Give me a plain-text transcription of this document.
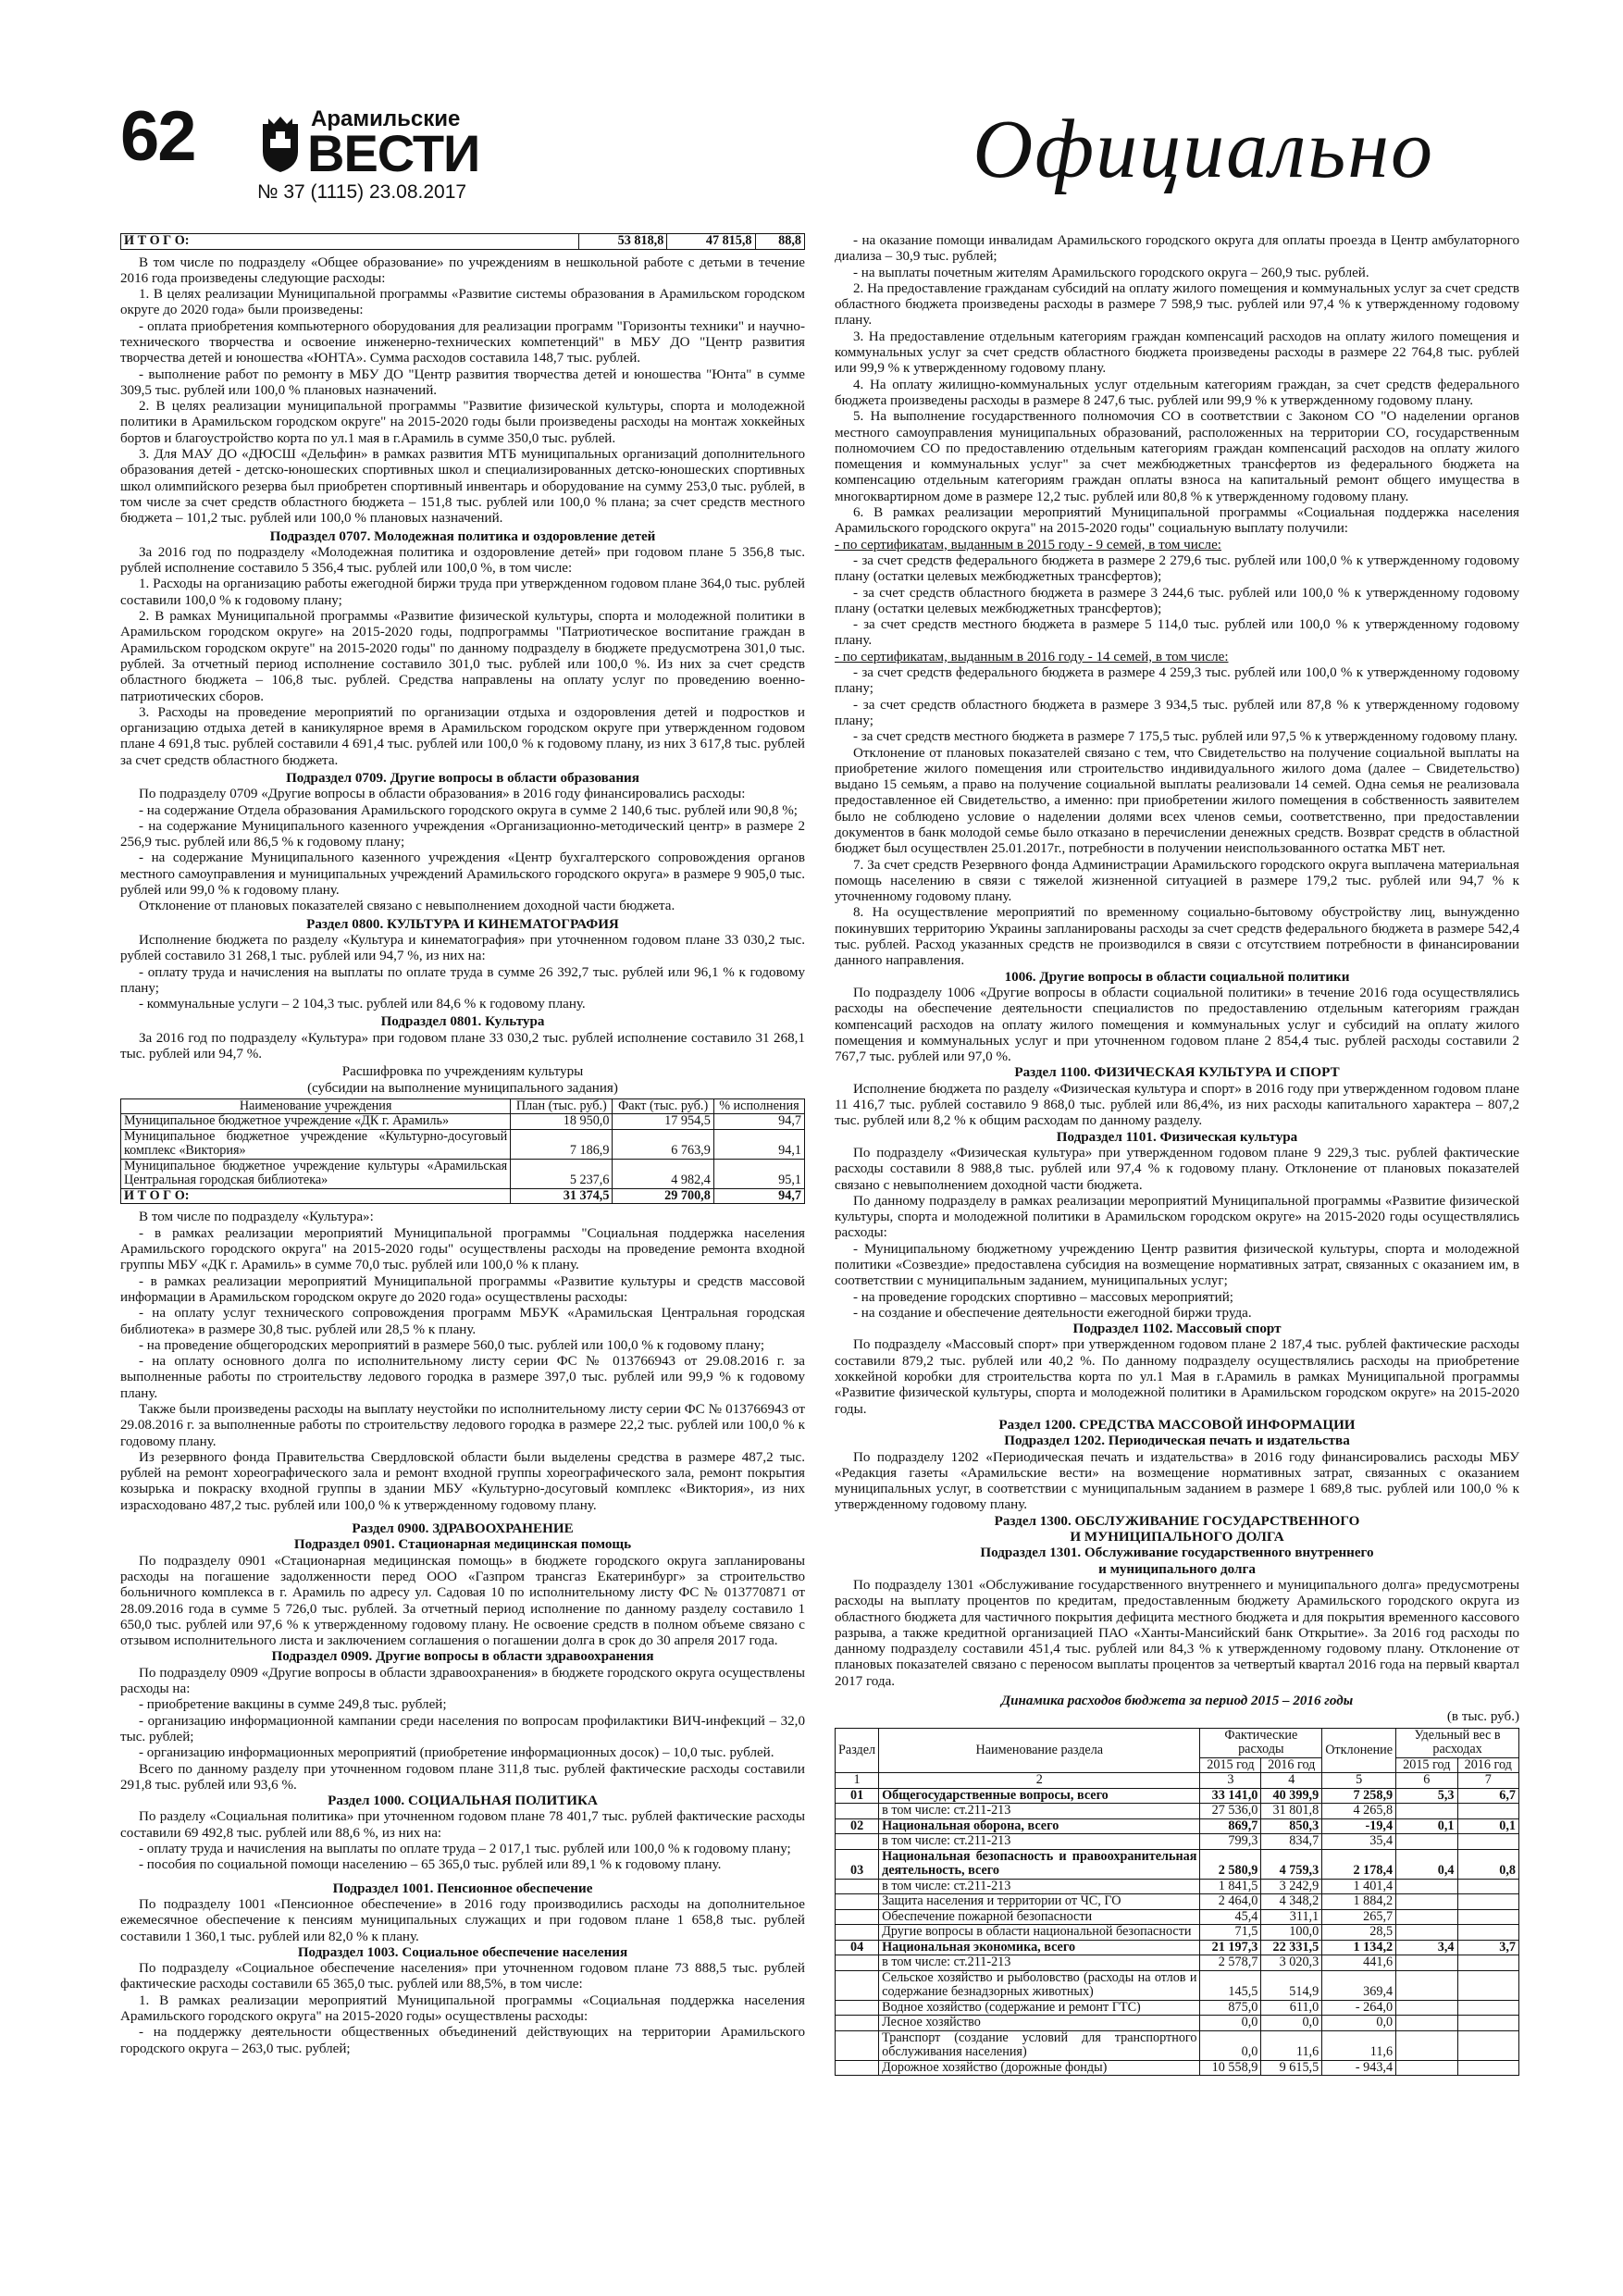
62	Арамильские
ВЕСТИ
№ 37 (1115) 23.08.2017	Официально
И Т О Г О:	53 818,8	47 815,8	88,8

В том числе по подразделу «Общее образование» по учреждениям в нешкольной работе с детьми в течение 2016 года произведены следующие расходы:

1. В целях реализации Муниципальной программы «Развитие системы образования в Арамильском городском округе до 2020 года» были произведены:

- оплата приобретения компьютерного оборудования для реализации программ "Горизонты техники" и научно-технического творчества и освоение инженерно-технических компетенций" в МБУ ДО "Центр развития творчества детей и юношества «ЮНТА». Сумма расходов составила 148,7 тыс. рублей.

- выполнение работ по ремонту в МБУ ДО "Центр развития творчества детей и юношества "Юнта" в сумме 309,5 тыс. рублей или 100,0 % плановых назначений.

2. В целях реализации муниципальной программы "Развитие физической культуры, спорта и молодежной политики в Арамильском городском округе" на 2015-2020 годы были произведены расходы на монтаж хоккейных бортов и благоустройство корта по ул.1 мая в г.Арамиль в сумме 350,0 тыс. рублей.

3. Для МАУ ДО «ДЮСШ «Дельфин» в рамках развития МТБ муниципальных организаций дополнительного образования детей - детско-юношеских спортивных школ и специализированных детско-юношеских спортивных школ олимпийского резерва был приобретен спортивный инвентарь и оборудование на сумму 253,0 тыс. рублей, в том числе за счет средств областного бюджета – 151,8 тыс. рублей или 100,0 % плана; за счет средств местного бюджета – 101,2 тыс. рублей или 100,0 % плановых назначений.

Подраздел 0707. Молодежная политика и оздоровление детей

За 2016 год по подразделу «Молодежная политика и оздоровление детей» при годовом плане 5 356,8 тыс. рублей исполнение составило 5 356,4 тыс. рублей или 100,0 %, в том числе:

1. Расходы на организацию работы ежегодной биржи труда при утвержденном годовом плане 364,0 тыс. рублей составили 100,0 % к годовому плану;

2. В рамках Муниципальной программы «Развитие физической культуры, спорта и молодежной политики в Арамильском городском округе» на 2015-2020 годы, подпрограммы "Патриотическое воспитание граждан в Арамильском городском округе" на 2015-2020 годы" по данному подразделу в бюджете предусмотрена 301,0 тыс. рублей. За отчетный период исполнение составило 301,0 тыс. рублей или 100,0 %. Из них за счет средств областного бюджета – 106,8 тыс. рублей. Средства направлены на оплату услуг по проведению военно-патриотических сборов.

3. Расходы на проведение мероприятий по организации отдыха и оздоровления детей и подростков и организацию отдыха детей в каникулярное время в Арамильском городском округе при утвержденном годовом плане 4 691,8 тыс. рублей составили 4 691,4 тыс. рублей или 100,0 % к годовому плану, из них 3 617,8 тыс. рублей за счет средств областного бюджета.

Подраздел 0709. Другие вопросы в области образования

По подразделу 0709 «Другие вопросы в области образования» в 2016 году финансировались расходы:

- на содержание Отдела образования Арамильского городского округа в сумме 2 140,6 тыс. рублей или 90,8 %;

- на содержание Муниципального казенного учреждения «Организационно-методический центр» в размере 2 256,9 тыс. рублей или 86,5 % к годовому плану;

- на содержание Муниципального казенного учреждения «Центр бухгалтерского сопровождения органов местного самоуправления и муниципальных учреждений Арамильского городского округа» в размере 9 905,0 тыс. рублей или 99,0 % к годовому плану.

Отклонение от плановых показателей связано с невыполнением доходной части бюджета.

Раздел 0800. КУЛЬТУРА И КИНЕМАТОГРАФИЯ

Исполнение бюджета по разделу «Культура и кинематография» при уточненном годовом плане 33 030,2 тыс. рублей составило 31 268,1 тыс. рублей или 94,7 %, из них на:

- оплату труда и начисления на выплаты по оплате труда в сумме 26 392,7 тыс. рублей или 96,1 % к годовому плану;

- коммунальные услуги – 2 104,3 тыс. рублей или 84,6 % к годовому плану.

Подраздел 0801. Культура

За 2016 год по подразделу «Культура» при годовом плане 33 030,2 тыс. рублей исполнение составило 31 268,1 тыс. рублей или 94,7 %.

Расшифровка по учреждениям культуры
(субсидии на выполнение муниципального задания)
Наименование учреждения	План (тыс. руб.)	Факт (тыс. руб.)	% исполнения
Муниципальное бюджетное учреждение «ДК г. Арамиль»	18 950,0	17 954,5	94,7
Муниципальное бюджетное учреждение «Культурно-досуговый комплекс «Виктория»	7 186,9	6 763,9	94,1
Муниципальное бюджетное учреждение культуры «Арамильская Центральная городская библиотека»	5 237,6	4 982,4	95,1
И Т О Г О:	31 374,5	29 700,8	94,7

В том числе по подразделу «Культура»:

- в рамках реализации мероприятий Муниципальной программы "Социальная поддержка населения Арамильского городского округа" на 2015-2020 годы" осуществлены расходы на проведение ремонта входной группы МБУ «ДК г. Арамиль» в сумме 70,0 тыс. рублей или 100,0 % к плану.

- в рамках реализации мероприятий Муниципальной программы «Развитие культуры и средств массовой информации в Арамильском городском округе до 2020 года» осуществлены расходы:

- на оплату услуг технического сопровождения программ МБУК «Арамильская Центральная городская библиотека» в размере 30,8 тыс. рублей или 28,5 % к плану.

- на проведение общегородских мероприятий в размере 560,0 тыс. рублей или 100,0 % к годовому плану;

- на оплату основного долга по исполнительному листу серии ФС № 013766943 от 29.08.2016 г. за выполненные работы по строительству ледового городка в размере 397,0 тыс. рублей или 99,9 % к годовому плану.

Также были произведены расходы на выплату неустойки по исполнительному листу серии ФС № 013766943 от 29.08.2016 г. за выполненные работы по строительству ледового городка в размере 22,2 тыс. рублей или 100,0 % к годовому плану.

Из резервного фонда Правительства Свердловской области были выделены средства в размере 487,2 тыс. рублей на ремонт хореографического зала и ремонт входной группы хореографического зала, ремонт покрытия козырька и покраску входной группы в здании МБУ «Культурно-досуговый комплекс «Виктория», из них израсходовано 487,2 тыс. рублей или 100,0 % к утвержденному годовому плану.

Раздел 0900. ЗДРАВООХРАНЕНИЕ
Подраздел 0901. Стационарная медицинская помощь

По подразделу 0901 «Стационарная медицинская помощь» в бюджете городского округа запланированы расходы на погашение задолженности перед ООО «Газпром трансгаз Екатеринбург» за строительство больничного комплекса в г. Арамиль по адресу ул. Садовая 10 по исполнительному листу ФС № 013770871 от 28.09.2016 года в сумме 5 726,0 тыс. рублей. За отчетный период исполнение по данному разделу составило 1 650,0 тыс. рублей или 97,6 % к утвержденному годовому плану. Не освоение средств в полном объеме связано с отзывом исполнительного листа и заключением соглашения о погашении долга в срок до 30 апреля 2017 года.

Подраздел 0909. Другие вопросы в области здравоохранения

По подразделу 0909 «Другие вопросы в области здравоохранения» в бюджете городского округа осуществлены расходы на:

- приобретение вакцины в сумме 249,8 тыс. рублей;

- организацию информационной кампании среди населения по вопросам профилактики ВИЧ-инфекций – 32,0 тыс. рублей;

- организацию информационных мероприятий (приобретение информационных досок) – 10,0 тыс. рублей.

Всего по данному разделу при уточненном годовом плане 311,8 тыс. рублей фактические расходы составили 291,8 тыс. рублей или 93,6 %.

Раздел 1000. СОЦИАЛЬНАЯ ПОЛИТИКА

По разделу «Социальная политика» при уточненном годовом плане 78 401,7 тыс. рублей фактические расходы составили 69 492,8 тыс. рублей или 88,6 %, из них на:

- оплату труда и начисления на выплаты по оплате труда – 2 017,1 тыс. рублей или 100,0 % к годовому плану;

- пособия по социальной помощи населению – 65 365,0 тыс. рублей или 89,1 % к годовому плану.

Подраздел 1001. Пенсионное обеспечение

По подразделу 1001 «Пенсионное обеспечение» в 2016 году производились расходы на дополнительное ежемесячное обеспечение к пенсиям муниципальных служащих и при годовом плане 1 658,8 тыс. рублей составили 1 360,1 тыс. рублей или 82,0 % к плану.

Подраздел 1003. Социальное обеспечение населения

По подразделу «Социальное обеспечение населения» при уточненном годовом плане 73 888,5 тыс. рублей фактические расходы составили 65 365,0 тыс. рублей или 88,5%, в том числе:

1. В рамках реализации мероприятий Муниципальной программы «Социальная поддержка населения Арамильского городского округа" на 2015-2020 годы» осуществлены расходы:

- на поддержку деятельности общественных объединений действующих на территории Арамильского городского округа – 263,0 тыс. рублей;

- на оказание помощи инвалидам Арамильского городского округа для оплаты проезда в Центр амбулаторного диализа – 30,9 тыс. рублей;

- на выплаты почетным жителям Арамильского городского округа – 260,9 тыс. рублей.

2. На предоставление гражданам субсидий на оплату жилого помещения и коммунальных услуг за счет средств областного бюджета произведены расходы в размере 7 598,9 тыс. рублей или 97,4 % к утвержденному годовому плану.

3. На предоставление отдельным категориям граждан компенсаций расходов на оплату жилого помещения и коммунальных услуг за счет средств областного бюджета произведены расходы в размере 22 764,8 тыс. рублей или 99,9 % к утвержденному годовому плану.

4. На оплату жилищно-коммунальных услуг отдельным категориям граждан, за счет средств федерального бюджета произведены расходы в размере 8 247,6 тыс. рублей или 99,9 % к утвержденному годовому плану.

5. На выполнение государственного полномочия СО в соответствии с Законом СО "О наделении органов местного самоуправления муниципальных образований, расположенных на территории СО, государственным полномочием СО по предоставлению отдельным категориям граждан компенсаций расходов на оплату жилого помещения и коммунальных услуг" за счет межбюджетных трансфертов из федерального бюджета на компенсацию отдельным категориям граждан оплаты взноса на капитальный ремонт общего имущества в многоквартирном доме в размере 12,2 тыс. рублей или 80,8 % к утвержденному годовому плану.

6. В рамках реализации мероприятий Муниципальной программы «Социальная поддержка населения Арамильского городского округа" на 2015-2020 годы" социальную выплату получили:

- по сертификатам, выданным в 2015 году - 9 семей, в том числе:

- за счет средств федерального бюджета в размере 2 279,6 тыс. рублей или 100,0 % к утвержденному годовому плану (остатки целевых межбюджетных трансфертов);

- за счет средств областного бюджета в размере 3 244,6 тыс. рублей или 100,0 % к утвержденному годовому плану (остатки целевых межбюджетных трансфертов);

- за счет средств местного бюджета в размере 5 114,0 тыс. рублей или 100,0 % к утвержденному годовому плану.

- по сертификатам, выданным в 2016 году - 14 семей, в том числе:

- за счет средств федерального бюджета в размере 4 259,3 тыс. рублей или 100,0 % к утвержденному годовому плану;

- за счет средств областного бюджета в размере 3 934,5 тыс. рублей или 87,8 % к утвержденному годовому плану;

- за счет средств местного бюджета в размере 7 175,5 тыс. рублей или 97,5 % к утвержденному годовому плану.

Отклонение от плановых показателей связано с тем, что Свидетельство на получение социальной выплаты на приобретение жилого помещения или строительство индивидуального жилого дома (далее – Свидетельство) выдано 15 семьям, а право на получение социальной выплаты реализовали 14 семей. Одна семья не реализовала предоставленное ей Свидетельство, а именно: при приобретении жилого помещения в собственность заявителем было не соблюдено условие о наделении долями всех членов семьи, соответственно, при предоставлении документов в банк молодой семье было отказано в перечислении денежных средств. Возврат средств в областной бюджет был осуществлен 25.01.2017г., потребности в получении неиспользованного остатка МБТ нет.

7. За счет средств Резервного фонда Администрации Арамильского городского округа выплачена материальная помощь населению в связи с тяжелой жизненной ситуацией в размере 179,2 тыс. рублей или 94,7 % к уточненному годовому плану.

8. На осуществление мероприятий по временному социально-бытовому обустройству лиц, вынужденно покинувших территорию Украины запланированы расходы за счет средств федерального бюджета в размере 542,4 тыс. рублей. Расход указанных средств не производился в связи с отсутствием потребности в финансировании данного направления.

1006. Другие вопросы в области социальной политики

По подразделу 1006 «Другие вопросы в области социальной политики» в течение 2016 года осуществлялись расходы на обеспечение деятельности специалистов по предоставлению отдельным категориям граждан компенсаций расходов на оплату жилого помещения и коммунальных услуг и субсидий на оплату жилого помещения и коммунальных услуг и при уточненном годовом плане 2 854,4 тыс. рублей расходы составили 2 767,7 тыс. рублей или 97,0 %.

Раздел 1100. ФИЗИЧЕСКАЯ КУЛЬТУРА И СПОРТ

Исполнение бюджета по разделу «Физическая культура и спорт» в 2016 году при утвержденном годовом плане 11 416,7 тыс. рублей составило 9 868,0 тыс. рублей или 86,4%, из них расходы капитального характера – 807,2 тыс. рублей или 8,2 % к общим расходам по данному разделу.

Подраздел 1101. Физическая культура

По подразделу «Физическая культура» при утвержденном годовом плане 9 229,3 тыс. рублей фактические расходы составили 8 988,8 тыс. рублей или 97,4 % к годовому плану. Отклонение от плановых показателей связано с невыполнением доходной части бюджета.

По данному подразделу в рамках реализации мероприятий Муниципальной программы «Развитие физической культуры, спорта и молодежной политики в Арамильском городском округе» на 2015-2020 годы осуществлялись расходы:

- Муниципальному бюджетному учреждению Центр развития физической культуры, спорта и молодежной политики «Созвездие» предоставлена субсидия на возмещение нормативных затрат, связанных с оказанием им, в соответствии с муниципальным заданием, муниципальных услуг;

- на проведение городских спортивно – массовых мероприятий;

- на создание и обеспечение деятельности ежегодной биржи труда.

Подраздел 1102. Массовый спорт

По подразделу «Массовый спорт» при утвержденном годовом плане 2 187,4 тыс. рублей фактические расходы составили 879,2 тыс. рублей или 40,2 %. По данному подразделу осуществлялись расходы на приобретение хоккейной коробки для строительства корта по ул.1 Мая в г.Арамиль в рамках Муниципальной программы «Развитие физической культуры, спорта и молодежной политики в Арамильском городском округе» на 2015-2020 годы.

Раздел 1200. СРЕДСТВА МАССОВОЙ ИНФОРМАЦИИ
Подраздел 1202. Периодическая печать и издательства

По подразделу 1202 «Периодическая печать и издательства» в 2016 году финансировались расходы МБУ «Редакция газеты «Арамильские вести» на возмещение нормативных затрат, связанных с оказанием муниципальных услуг, в соответствии с муниципальным заданием в размере 1 689,8 тыс. рублей или 100,0 % к утвержденному годовому плану.

Раздел 1300. ОБСЛУЖИВАНИЕ ГОСУДАРСТВЕННОГО
И МУНИЦИПАЛЬНОГО ДОЛГА
Подраздел 1301. Обслуживание государственного внутреннего
и муниципального долга

По подразделу 1301 «Обслуживание государственного внутреннего и муниципального долга» предусмотрены расходы на выплату процентов по кредитам, предоставленным бюджету Арамильского городского округа из областного бюджета для частичного покрытия дефицита местного бюджета и для покрытия временного кассового разрыва, а также кредитной организацией ПАО «Ханты-Мансийский банк Открытие». За 2016 год расходы по данному подразделу составили 451,4 тыс. рублей или 84,3 % к утвержденному годовому плану. Отклонение от плановых показателей связано с переносом выплаты процентов за четвертый квартал 2016 года на первый квартал 2017 года.

Динамика расходов бюджета за период 2015 – 2016 годы
(в тыс. руб.)
Раздел	Наименование раздела	Фактические расходы		Отклонение	Удельный вес в расходах	
		2015 год	2016 год		2015 год	2016 год
1	2	3	4	5	6	7
01	Общегосударственные вопросы, всего	33 141,0	40 399,9	7 258,9	5,3	6,7
	в том числе: ст.211-213	27 536,0	31 801,8	4 265,8		
02	Национальная оборона, всего	869,7	850,3	-19,4	0,1	0,1
	в том числе: ст.211-213	799,3	834,7	35,4		
03	Национальная безопасность и правоохранительная деятельность, всего	2 580,9	4 759,3	2 178,4	0,4	0,8
	в том числе: ст.211-213	1 841,5	3 242,9	1 401,4		
	Защита населения и территории от ЧС, ГО	2 464,0	4 348,2	1 884,2		
	Обеспечение пожарной безопасности	45,4	311,1	265,7		
	Другие вопросы в области национальной безопасности	71,5	100,0	28,5		
04	Национальная экономика, всего	21 197,3	22 331,5	1 134,2	3,4	3,7
	в том числе: ст.211-213	2 578,7	3 020,3	441,6		
	Сельское хозяйство и рыболовство (расходы на отлов и содержание безнадзорных животных)	145,5	514,9	369,4		
	Водное хозяйство (содержание и ремонт ГТС)	875,0	611,0	- 264,0		
	Лесное хозяйство	0,0	0,0	0,0		
	Транспорт (создание условий для транспортного обслуживания населения)	0,0	11,6	11,6		
	Дорожное хозяйство (дорожные фонды)	10 558,9	9 615,5	- 943,4		
